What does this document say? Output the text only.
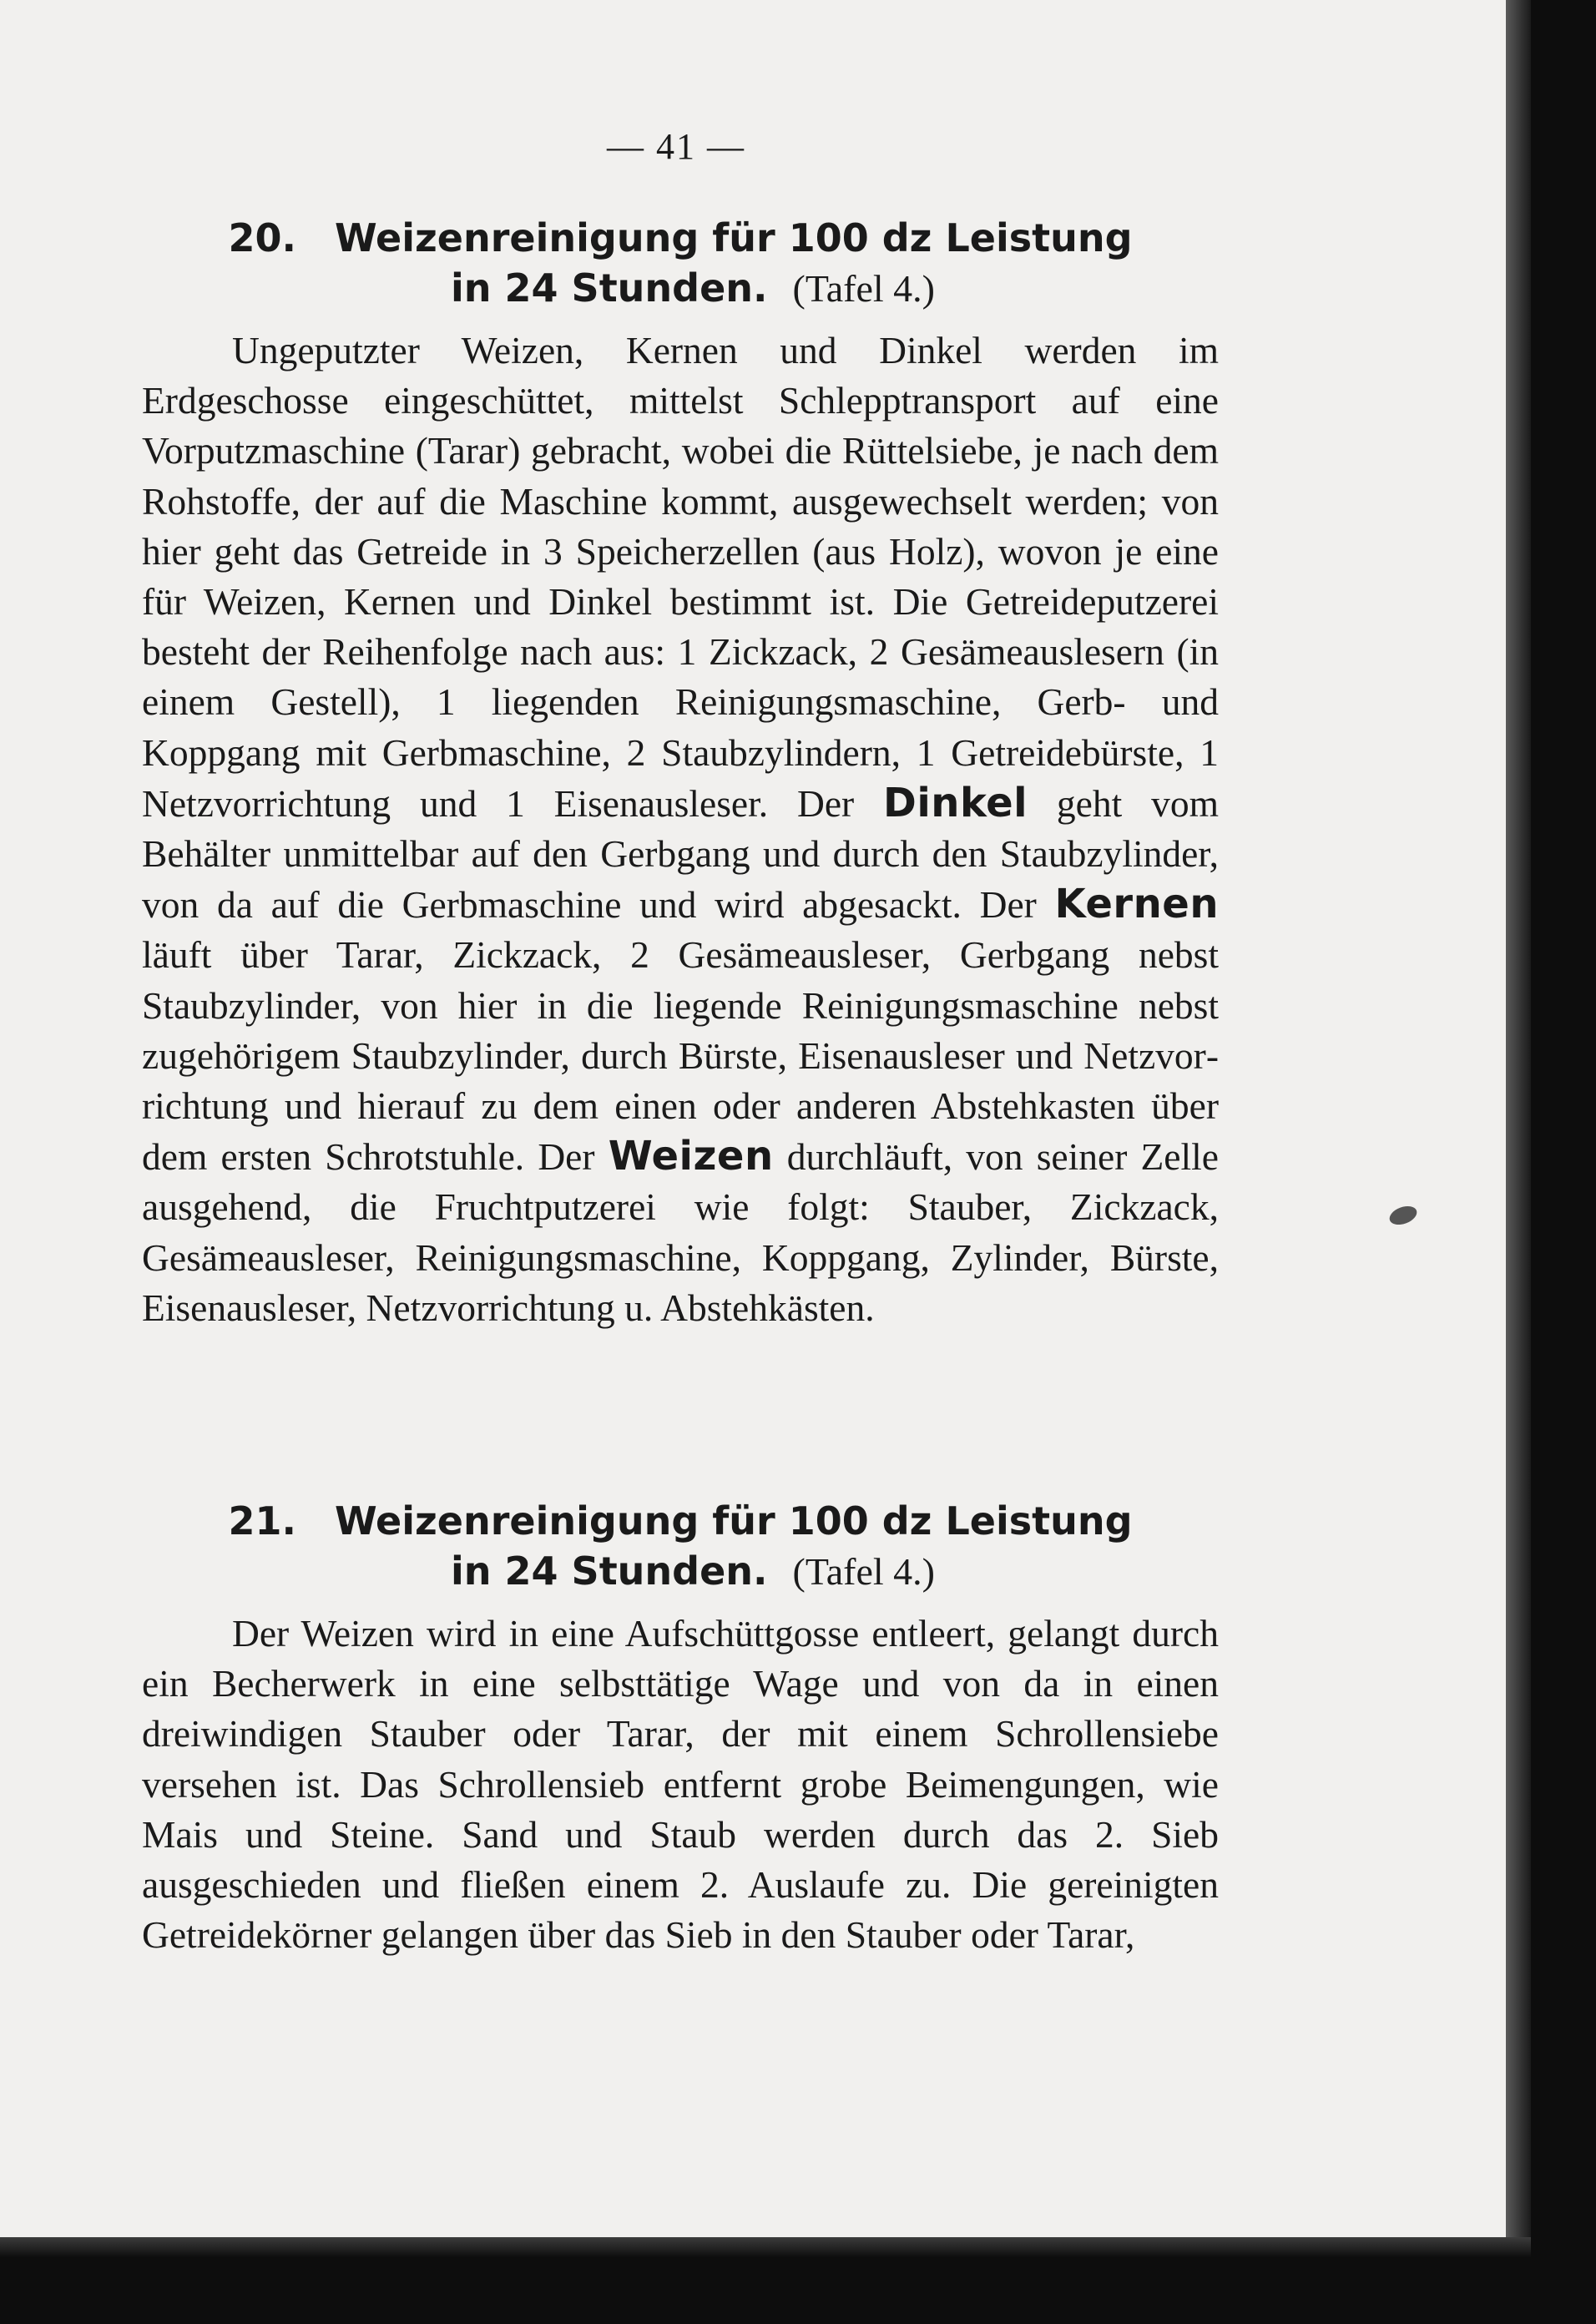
— 41 —
20. Weizenreinigung für 100 dz Leistung
in 24 Stunden. (Tafel 4.)

Ungeputzter Weizen, Kernen und Dinkel werden im Erdgeschosse eingeschüttet, mittelst Schlepptransport auf eine Vorputzmaschine (Tarar) gebracht, wobei die Rüttelsiebe, je nach dem Rohstoffe, der auf die Maschine kommt, ausgewechselt werden; von hier geht das Getreide in 3 Speicherzellen (aus Holz), wovon je eine für Weizen, Kernen und Dinkel bestimmt ist. Die Getreideputzerei besteht der Reihenfolge nach aus: 1 Zickzack, 2 Gesämeauslesern (in einem Gestell), 1 liegenden Reinigungsmaschine, Gerb- und Koppgang mit Gerbmaschine, 2 Staubzylindern, 1 Getreidebürste, 1 Netzvorrichtung und 1 Eisenausleser. Der Dinkel geht vom Behälter unmittelbar auf den Gerbgang und durch den Staubzylinder, von da auf die Gerbmaschine und wird abgesackt. Der Kernen läuft über Tarar, Zickzack, 2 Gesämeausleser, Gerbgang nebst Staubzylinder, von hier in die liegende Reinigungsmaschine nebst zugehörigem Staubzylinder, durch Bürste, Eisenausleser und Netzvorrichtung und hierauf zu dem einen oder anderen Abstehkasten über dem ersten Schrotstuhle. Der Weizen durchläuft, von seiner Zelle ausgehend, die Fruchtputzerei wie folgt: Stauber, Zickzack, Gesämeausleser, Reinigungsmaschine, Koppgang, Zylinder, Bürste, Eisenausleser, Netzvorrichtung u. Abstehkästen.

21. Weizenreinigung für 100 dz Leistung
in 24 Stunden. (Tafel 4.)

Der Weizen wird in eine Aufschüttgosse entleert, gelangt durch ein Becherwerk in eine selbsttätige Wage und von da in einen dreiwindigen Stauber oder Tarar, der mit einem Schrollensiebe versehen ist. Das Schrollensieb entfernt grobe Beimengungen, wie Mais und Steine. Sand und Staub werden durch das 2. Sieb ausgeschieden und fließen einem 2. Auslaufe zu. Die gereinigten Getreidekörner gelangen über das Sieb in den Stauber oder Tarar,
